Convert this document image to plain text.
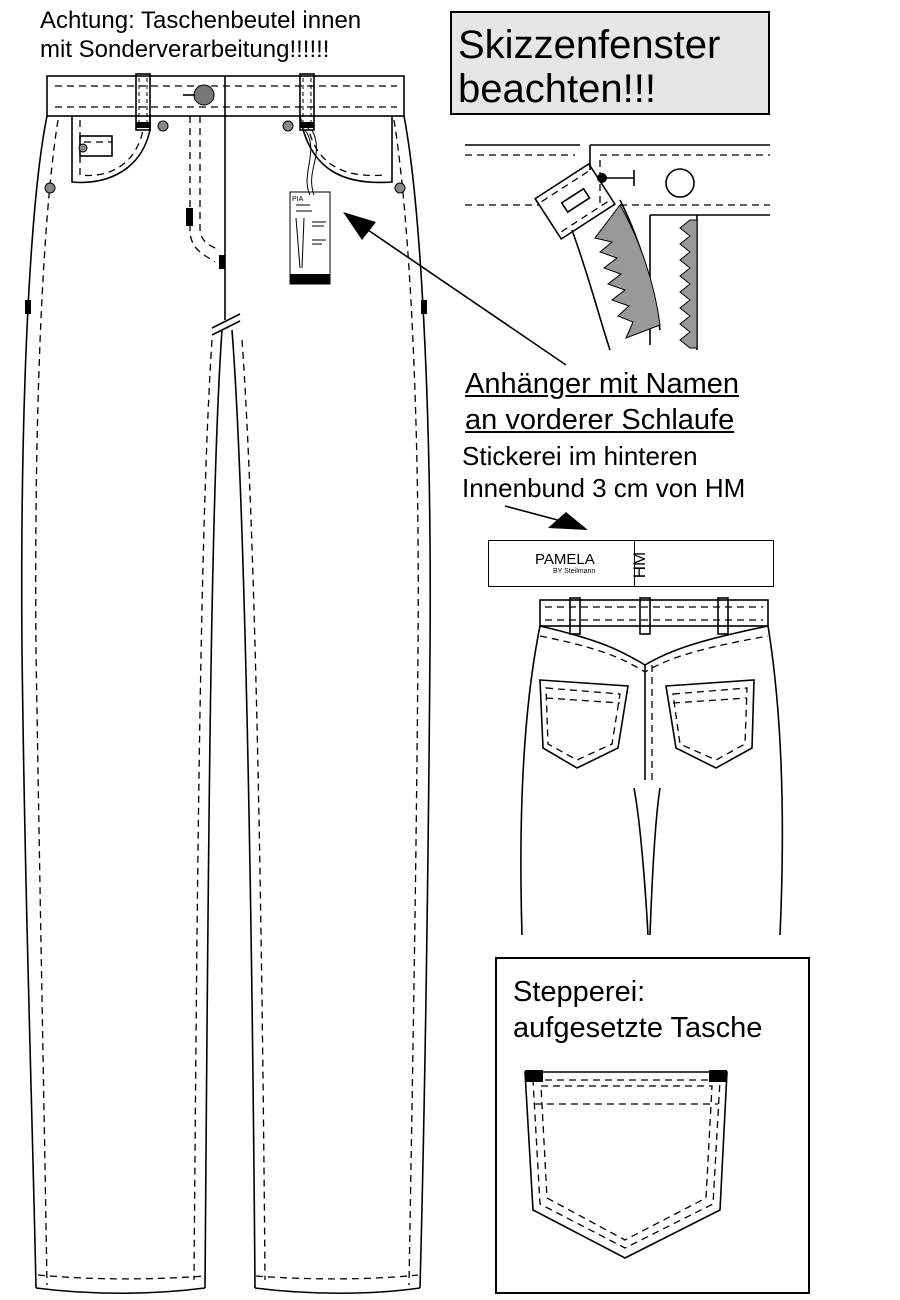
Achtung: Taschenbeutel innen
mit Sonderverarbeitung!!!!!!	Skizzenfenster
beachten!!!
Anhänger mit Namen
an vorderer Schlaufe
Stickerei im hinteren
Innenbund 3 cm von HM
PAMELA
BY Steilmann HM
Stepperei:
aufgesetzte Tasche
PIA
